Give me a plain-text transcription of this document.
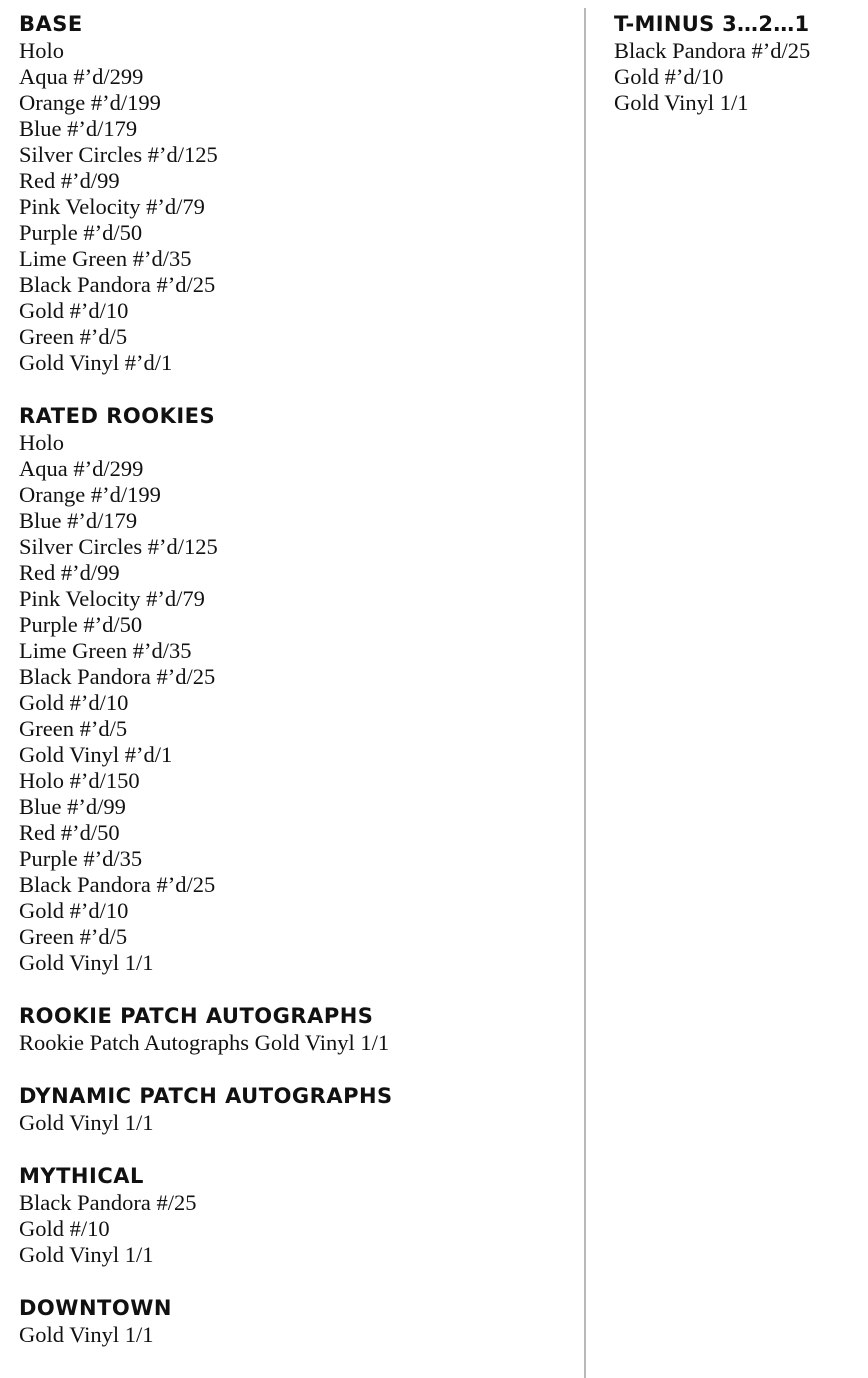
BASE
Holo
Aqua #’d/299
Orange #’d/199
Blue #’d/179
Silver Circles #’d/125
Red #’d/99
Pink Velocity #’d/79
Purple #’d/50
Lime Green #’d/35
Black Pandora #’d/25
Gold #’d/10
Green #’d/5
Gold Vinyl #’d/1
RATED ROOKIES
Holo
Aqua #’d/299
Orange #’d/199
Blue #’d/179
Silver Circles #’d/125
Red #’d/99
Pink Velocity #’d/79
Purple #’d/50
Lime Green #’d/35
Black Pandora #’d/25
Gold #’d/10
Green #’d/5
Gold Vinyl #’d/1
Holo #’d/150
Blue #’d/99
Red #’d/50
Purple #’d/35
Black Pandora #’d/25
Gold #’d/10
Green #’d/5
Gold Vinyl 1/1
ROOKIE PATCH AUTOGRAPHS
Rookie Patch Autographs Gold Vinyl 1/1
DYNAMIC PATCH AUTOGRAPHS
Gold Vinyl 1/1
MYTHICAL
Black Pandora #/25
Gold #/10
Gold Vinyl 1/1
DOWNTOWN
Gold Vinyl 1/1
T-MINUS 3…2…1
Black Pandora #’d/25
Gold #’d/10
Gold Vinyl 1/1
